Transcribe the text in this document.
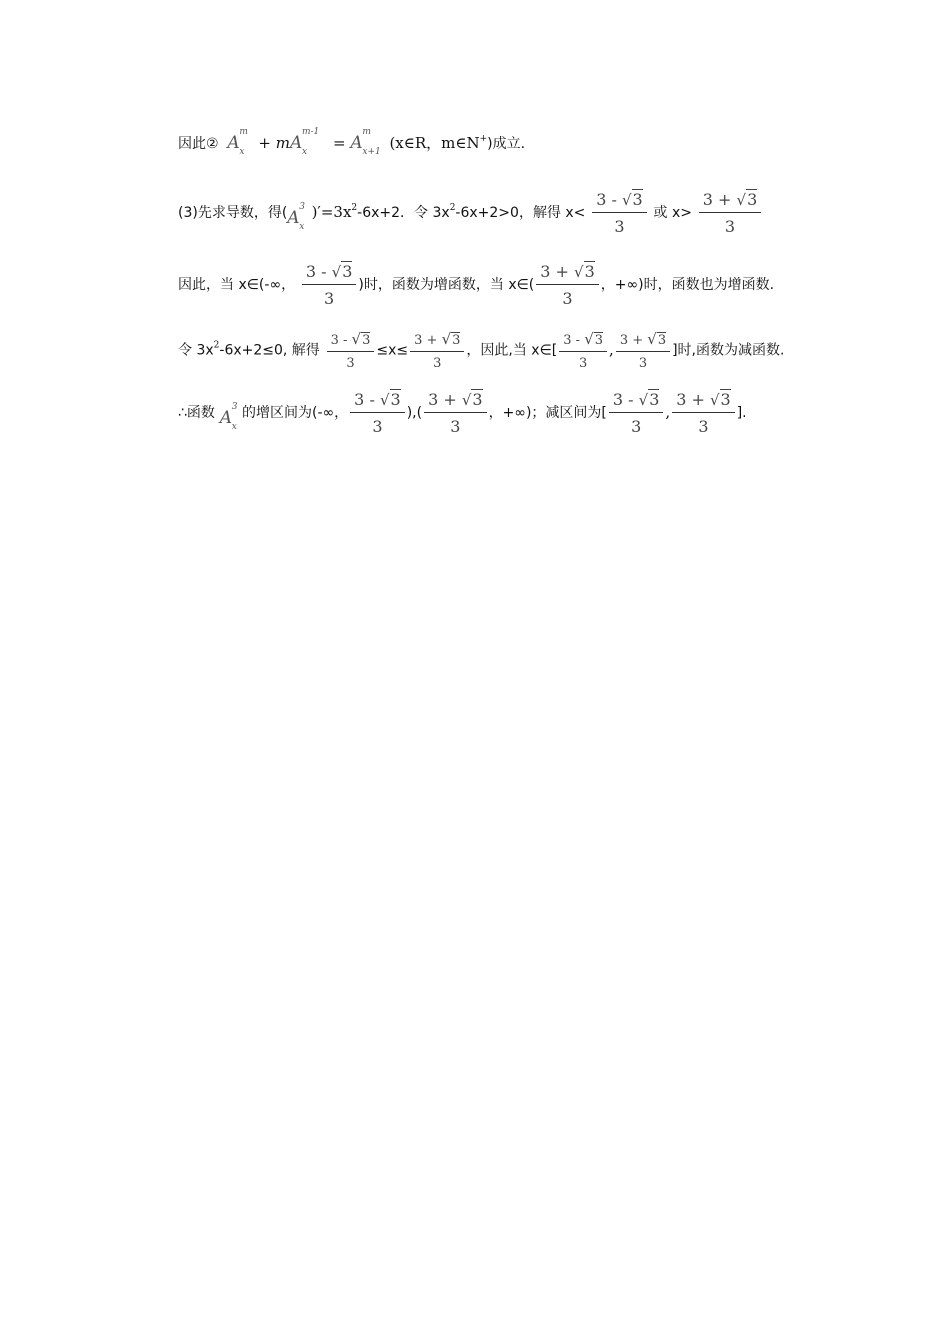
因此② A
m
x + mA
m-1
x = A
m
x+1 (x∈R，m∈N+)成立.
(3)先求导数，得(A
3
x
)$'=3x^2-6x+2$．令 $3x^2-6x+2>0$，解得 $x< \frac{3 - √3}{3}$ 或 $x> \frac{3 + √3}{3}$
因此，当 x∈(-∞， $\frac{3 - √3}{3}$ )时，函数为增函数，当 x∈( $\frac{3 + √3}{3}$ ，+∞)时，函数也为增函数.
令 $3x^2-6x+2\le 0$, 解得 $\frac{3 - √3}{3} \le x\le \frac{3 + √3}{3}$ ，因此,当 x∈[ $\frac{3 - √3}{3}$ , $\frac{3 + √3}{3}$ ]时,函数为减函数.
∴函数 A
3
x
的增区间为(-∞， $\frac{3 - √3}{3}$ ),( $\frac{3 + √3}{3}$ ，+∞)；减区间为[ $\frac{3 - √3}{3}$ , $\frac{3 + √3}{3}$ ].
